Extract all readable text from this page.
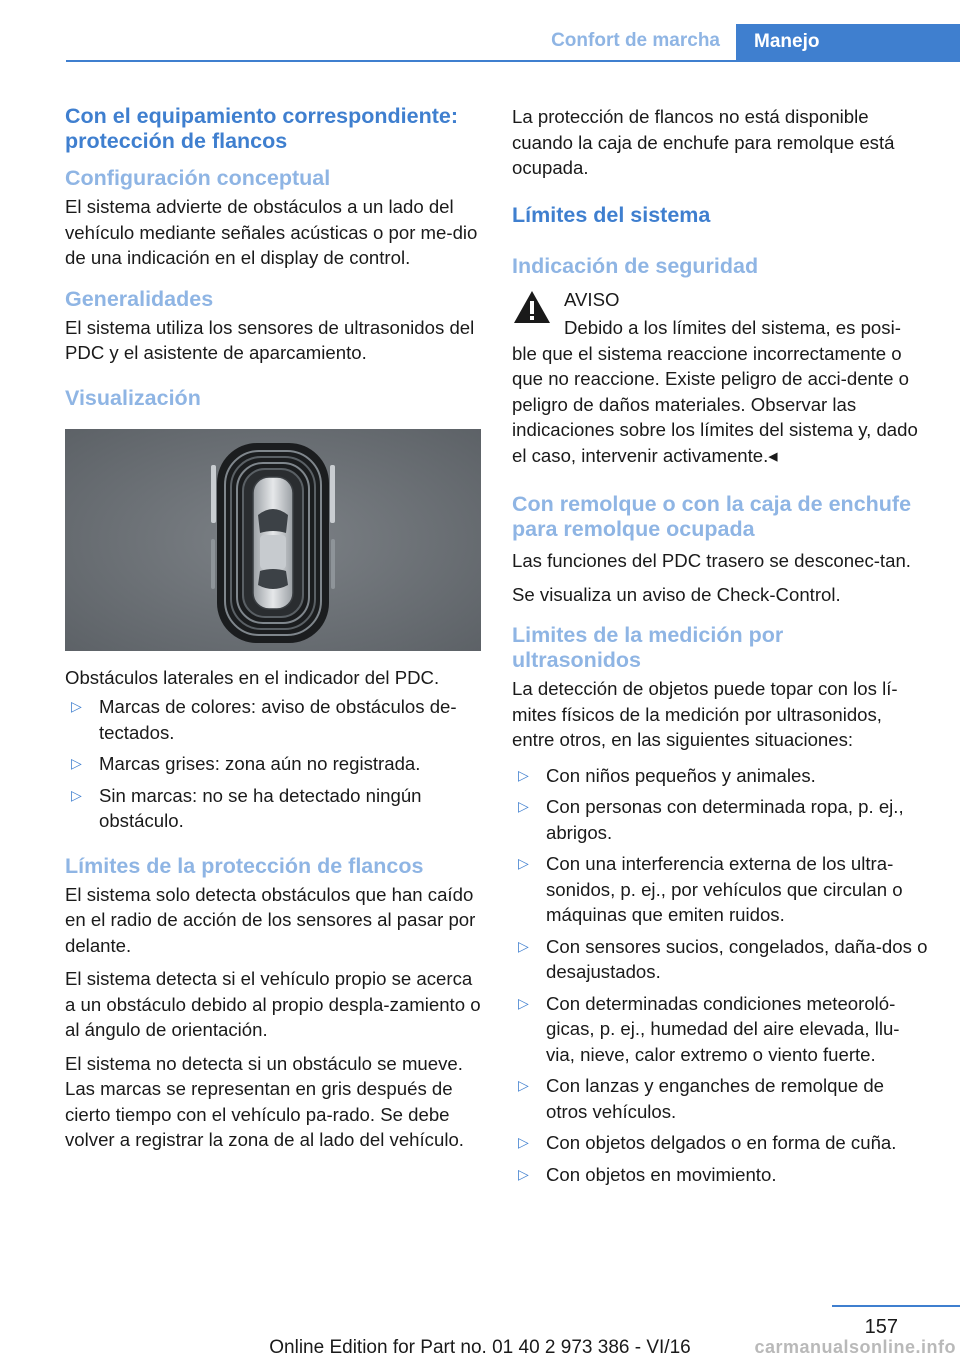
Confort de marcha	Manejo
Con el equipamiento correspondiente: protección de flancos
Configuración conceptual

El sistema advierte de obstáculos a un lado del vehículo mediante señales acústicas o por me‐dio de una indicación en el display de control.

Generalidades

El sistema utiliza los sensores de ultrasonidos del PDC y el asistente de aparcamiento.

Visualización

Obstáculos laterales en el indicador del PDC.

▷ Marcas de colores: aviso de obstáculos de‐tectados.
▷ Marcas grises: zona aún no registrada.
▷ Sin marcas: no se ha detectado ningún obstáculo.
Límites de la protección de flancos

El sistema solo detecta obstáculos que han caído en el radio de acción de los sensores al pasar por delante.

El sistema detecta si el vehículo propio se acerca a un obstáculo debido al propio despla‐zamiento o al ángulo de orientación.

El sistema no detecta si un obstáculo se mueve. Las marcas se representan en gris después de cierto tiempo con el vehículo pa‐rado. Se debe volver a registrar la zona de al lado del vehículo.

La protección de flancos no está disponible cuando la caja de enchufe para remolque está ocupada.

Límites del sistema
Indicación de seguridad
AVISO
Debido a los límites del sistema, es posi‐

ble que el sistema reaccione incorrectamente o que no reaccione. Existe peligro de acci‐dente o peligro de daños materiales. Observar las indicaciones sobre los límites del sistema y, dado el caso, intervenir activamente.◂

Con remolque o con la caja de enchufe para remolque ocupada

Las funciones del PDC trasero se desconec‐tan.

Se visualiza un aviso de Check-Control.

Limites de la medición por ultrasonidos

La detección de objetos puede topar con los lí‐mites físicos de la medición por ultrasonidos, entre otros, en las siguientes situaciones:

▷ Con niños pequeños y animales.
▷ Con personas con determinada ropa, p. ej., abrigos.
▷ Con una interferencia externa de los ultra‐sonidos, p. ej., por vehículos que circulan o máquinas que emiten ruidos.
▷ Con sensores sucios, congelados, daña‐dos o desajustados.
▷ Con determinadas condiciones meteoroló‐gicas, p. ej., humedad del aire elevada, llu‐via, nieve, calor extremo o viento fuerte.
▷ Con lanzas y enganches de remolque de otros vehículos.
▷ Con objetos delgados o en forma de cuña.
▷ Con objetos en movimiento.
157
Online Edition for Part no. 01 40 2 973 386 - VI/16	carmanualsonline.info
